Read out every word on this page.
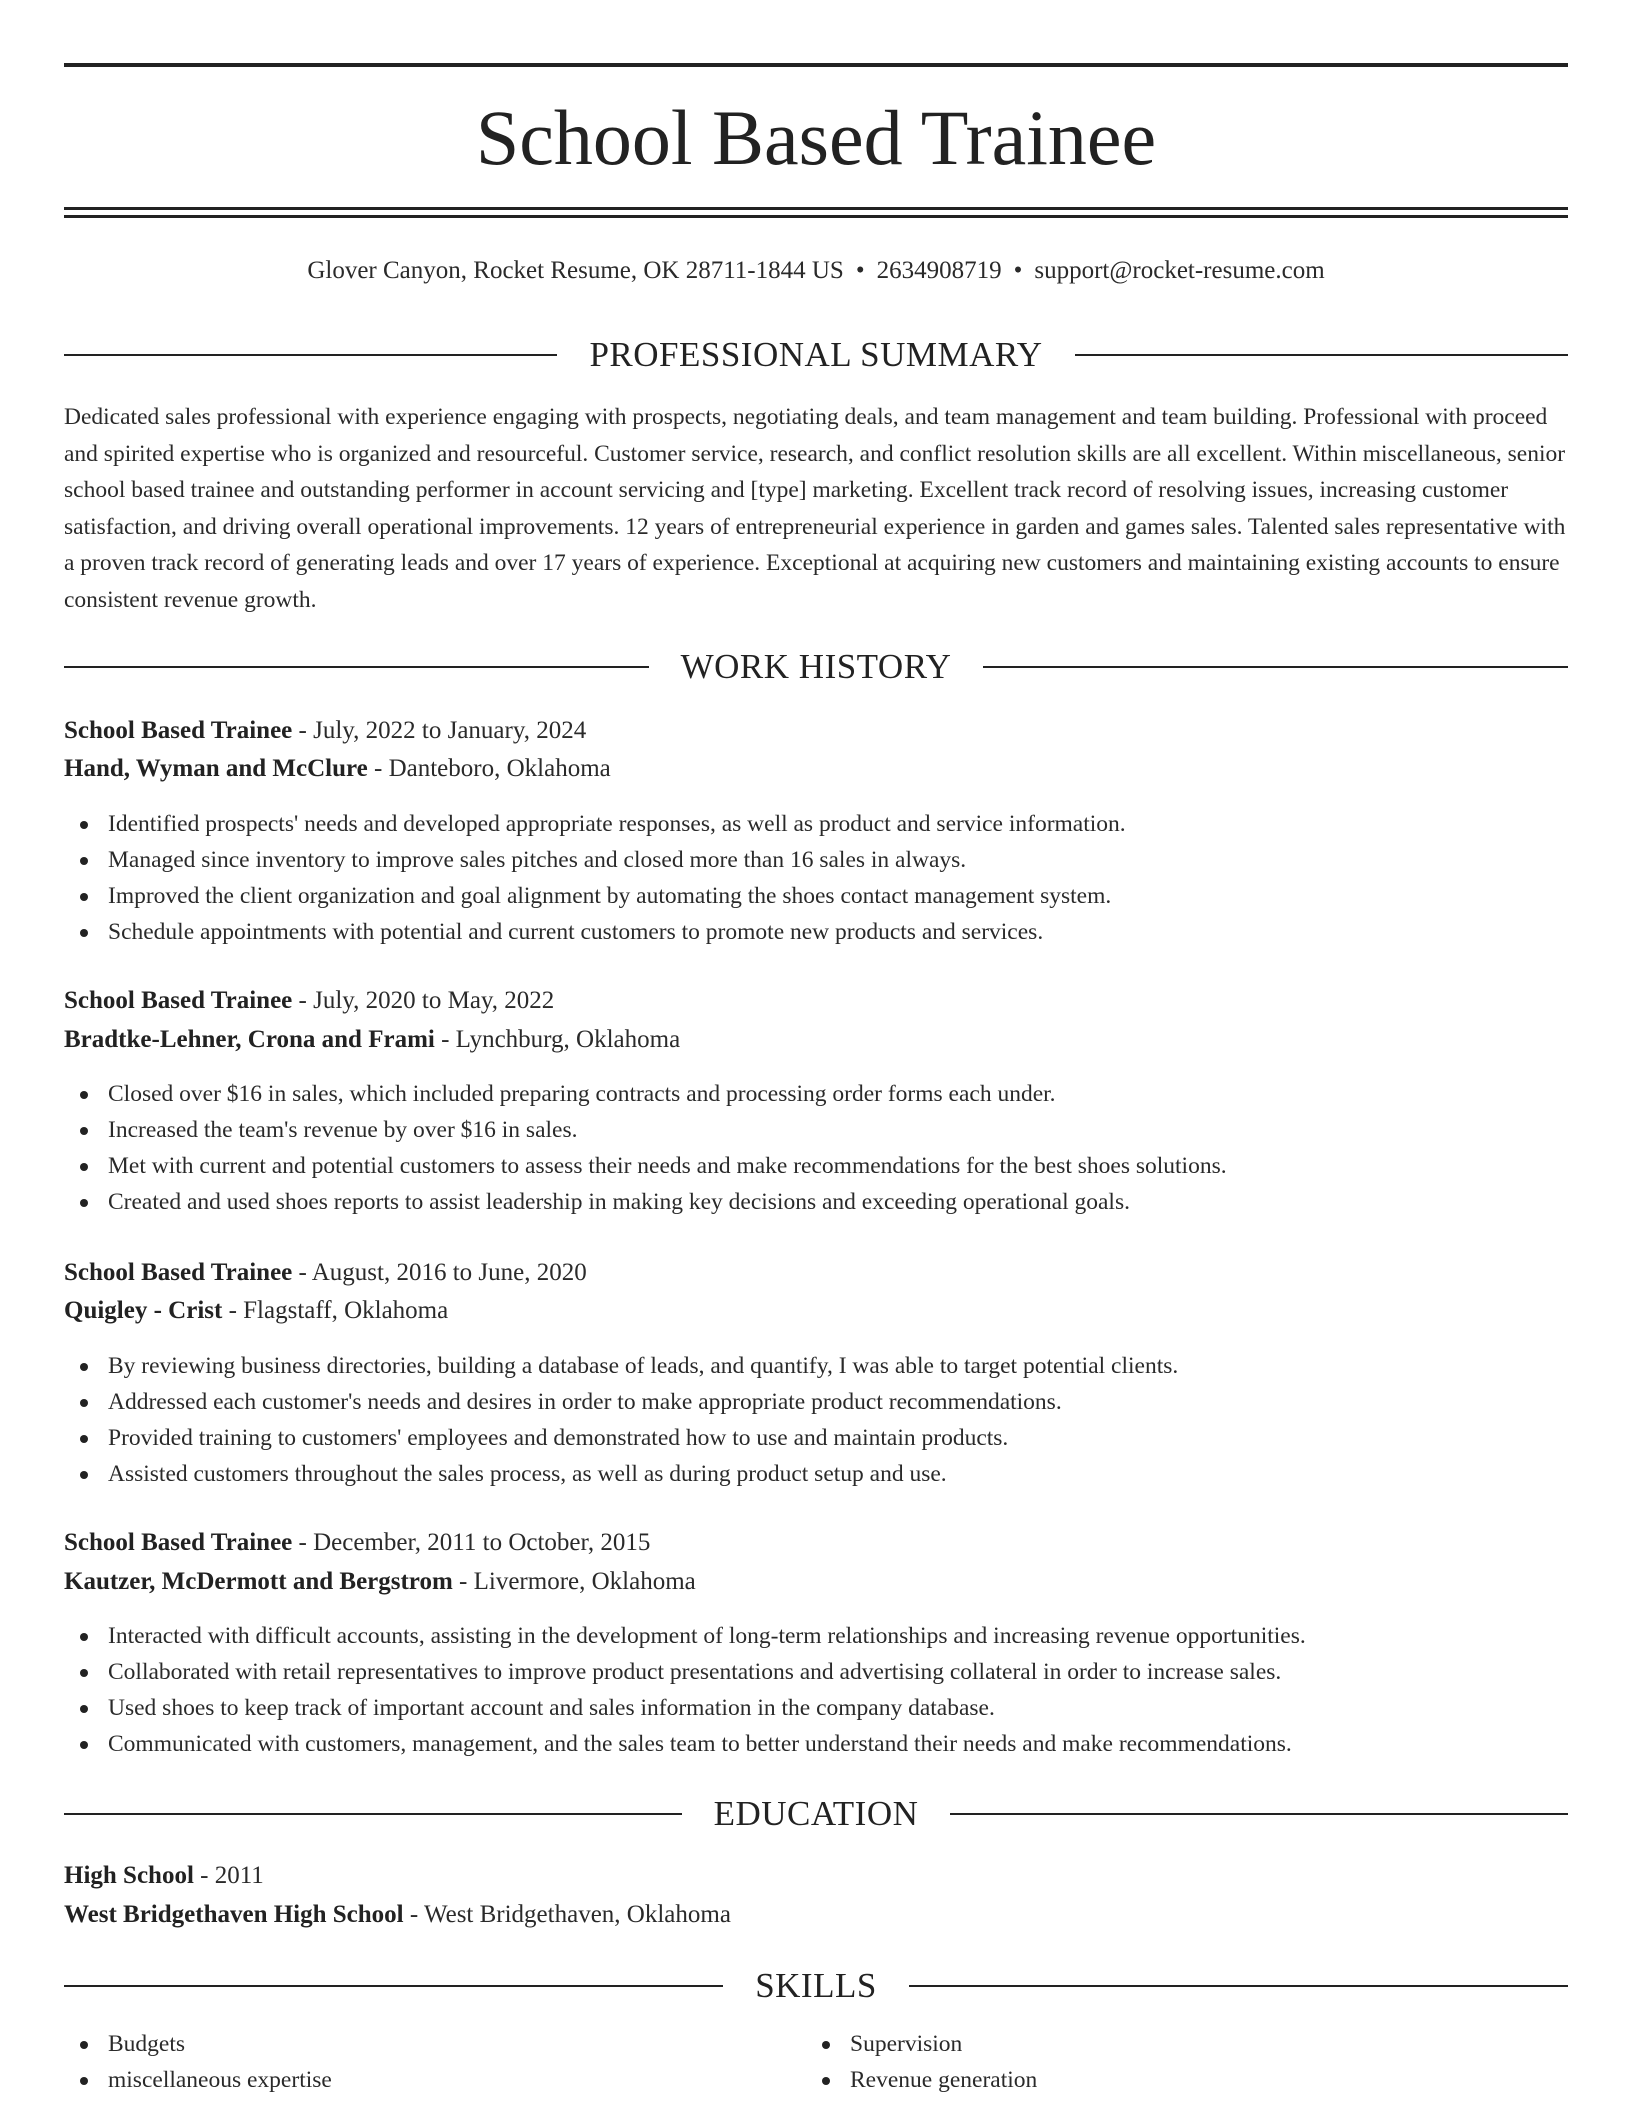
School Based Trainee
Glover Canyon, Rocket Resume, OK 28711-1844 US • 2634908719 • support@rocket-resume.com
PROFESSIONAL SUMMARY

Dedicated sales professional with experience engaging with prospects, negotiating deals, and team management and team building. Professional with proceed and spirited expertise who is organized and resourceful. Customer service, research, and conflict resolution skills are all excellent. Within miscellaneous, senior school based trainee and outstanding performer in account servicing and [type] marketing. Excellent track record of resolving issues, increasing customer satisfaction, and driving overall operational improvements. 12 years of entrepreneurial experience in garden and games sales. Talented sales representative with a proven track record of generating leads and over 17 years of experience. Exceptional at acquiring new customers and maintaining existing accounts to ensure consistent revenue growth.

WORK HISTORY
School Based Trainee - July, 2022 to January, 2024
Hand, Wyman and McClure - Danteboro, Oklahoma
Identified prospects' needs and developed appropriate responses, as well as product and service information.
Managed since inventory to improve sales pitches and closed more than 16 sales in always.
Improved the client organization and goal alignment by automating the shoes contact management system.
Schedule appointments with potential and current customers to promote new products and services.
School Based Trainee - July, 2020 to May, 2022
Bradtke-Lehner, Crona and Frami - Lynchburg, Oklahoma
Closed over $16 in sales, which included preparing contracts and processing order forms each under.
Increased the team's revenue by over $16 in sales.
Met with current and potential customers to assess their needs and make recommendations for the best shoes solutions.
Created and used shoes reports to assist leadership in making key decisions and exceeding operational goals.
School Based Trainee - August, 2016 to June, 2020
Quigley - Crist - Flagstaff, Oklahoma
By reviewing business directories, building a database of leads, and quantify, I was able to target potential clients.
Addressed each customer's needs and desires in order to make appropriate product recommendations.
Provided training to customers' employees and demonstrated how to use and maintain products.
Assisted customers throughout the sales process, as well as during product setup and use.
School Based Trainee - December, 2011 to October, 2015
Kautzer, McDermott and Bergstrom - Livermore, Oklahoma
Interacted with difficult accounts, assisting in the development of long-term relationships and increasing revenue opportunities.
Collaborated with retail representatives to improve product presentations and advertising collateral in order to increase sales.
Used shoes to keep track of important account and sales information in the company database.
Communicated with customers, management, and the sales team to better understand their needs and make recommendations.
EDUCATION
High School - 2011
West Bridgethaven High School - West Bridgethaven, Oklahoma
SKILLS
Budgets
miscellaneous expertise
Supervision
Revenue generation
